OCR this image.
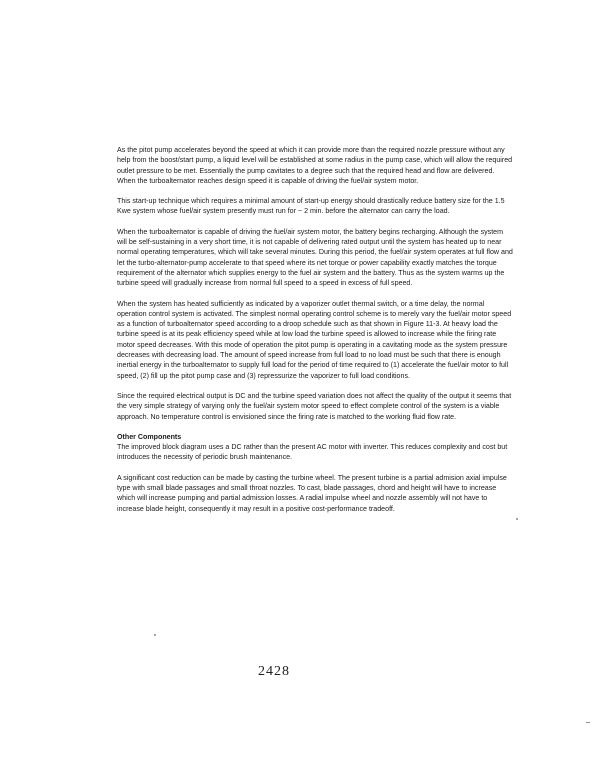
As the pitot pump accelerates beyond the speed at which it can provide more than the required nozzle pressure without any help from the boost/start pump, a liquid level will be established at some radius in the pump case, which will allow the required outlet pressure to be met. Essentially the pump cavitates to a degree such that the required head and flow are delivered. When the turboalternator reaches design speed it is capable of driving the fuel/air system motor.

This start-up technique which requires a minimal amount of start-up energy should drastically reduce battery size for the 1.5 Kwe system whose fuel/air system presently must run for ~ 2 min. before the alternator can carry the load.

When the turboalternator is capable of driving the fuel/air system motor, the battery begins recharging. Although the system will be self-sustaining in a very short time, it is not capable of delivering rated output until the system has heated up to near normal operating temperatures, which will take several minutes. During this period, the fuel/air system operates at full flow and let the turbo-alternator-pump accelerate to that speed where its net torque or power capability exactly matches the torque requirement of the alternator which supplies energy to the fuel air system and the battery. Thus as the system warms up the turbine speed will gradually increase from normal full speed to a speed in excess of full speed.

When the system has heated sufficiently as indicated by a vaporizer outlet thermal switch, or a time delay, the normal operation control system is activated. The simplest normal operating control scheme is to merely vary the fuel/air motor speed as a function of turboalternator speed according to a droop schedule such as that shown in Figure 11-3. At heavy load the turbine speed is at its peak efficiency speed while at low load the turbine speed is allowed to increase while the firing rate motor speed decreases. With this mode of operation the pitot pump is operating in a cavitating mode as the system pressure decreases with decreasing load. The amount of speed increase from full load to no load must be such that there is enough inertial energy in the turboalternator to supply full load for the period of time required to (1) accelerate the fuel/air motor to full speed, (2) fill up the pitot pump case and (3) repressurize the vaporizer to full load conditions.

Since the required electrical output is DC and the turbine speed variation does not affect the quality of the output it seems that the very simple strategy of varying only the fuel/air system motor speed to effect complete control of the system is a viable approach. No temperature control is envisioned since the firing rate is matched to the working fluid flow rate.

Other Components

The improved block diagram uses a DC rather than the present AC motor with inverter. This reduces complexity and cost but introduces the necessity of periodic brush maintenance.

A significant cost reduction can be made by casting the turbine wheel. The present turbine is a partial admision axial impulse type with small blade passages and small throat nozzles. To cast, blade passages, chord and height will have to increase which will increase pumping and partial admission losses. A radial impulse wheel and nozzle assembly will not have to increase blade height, consequently it may result in a positive cost-performance tradeoff.

2428
